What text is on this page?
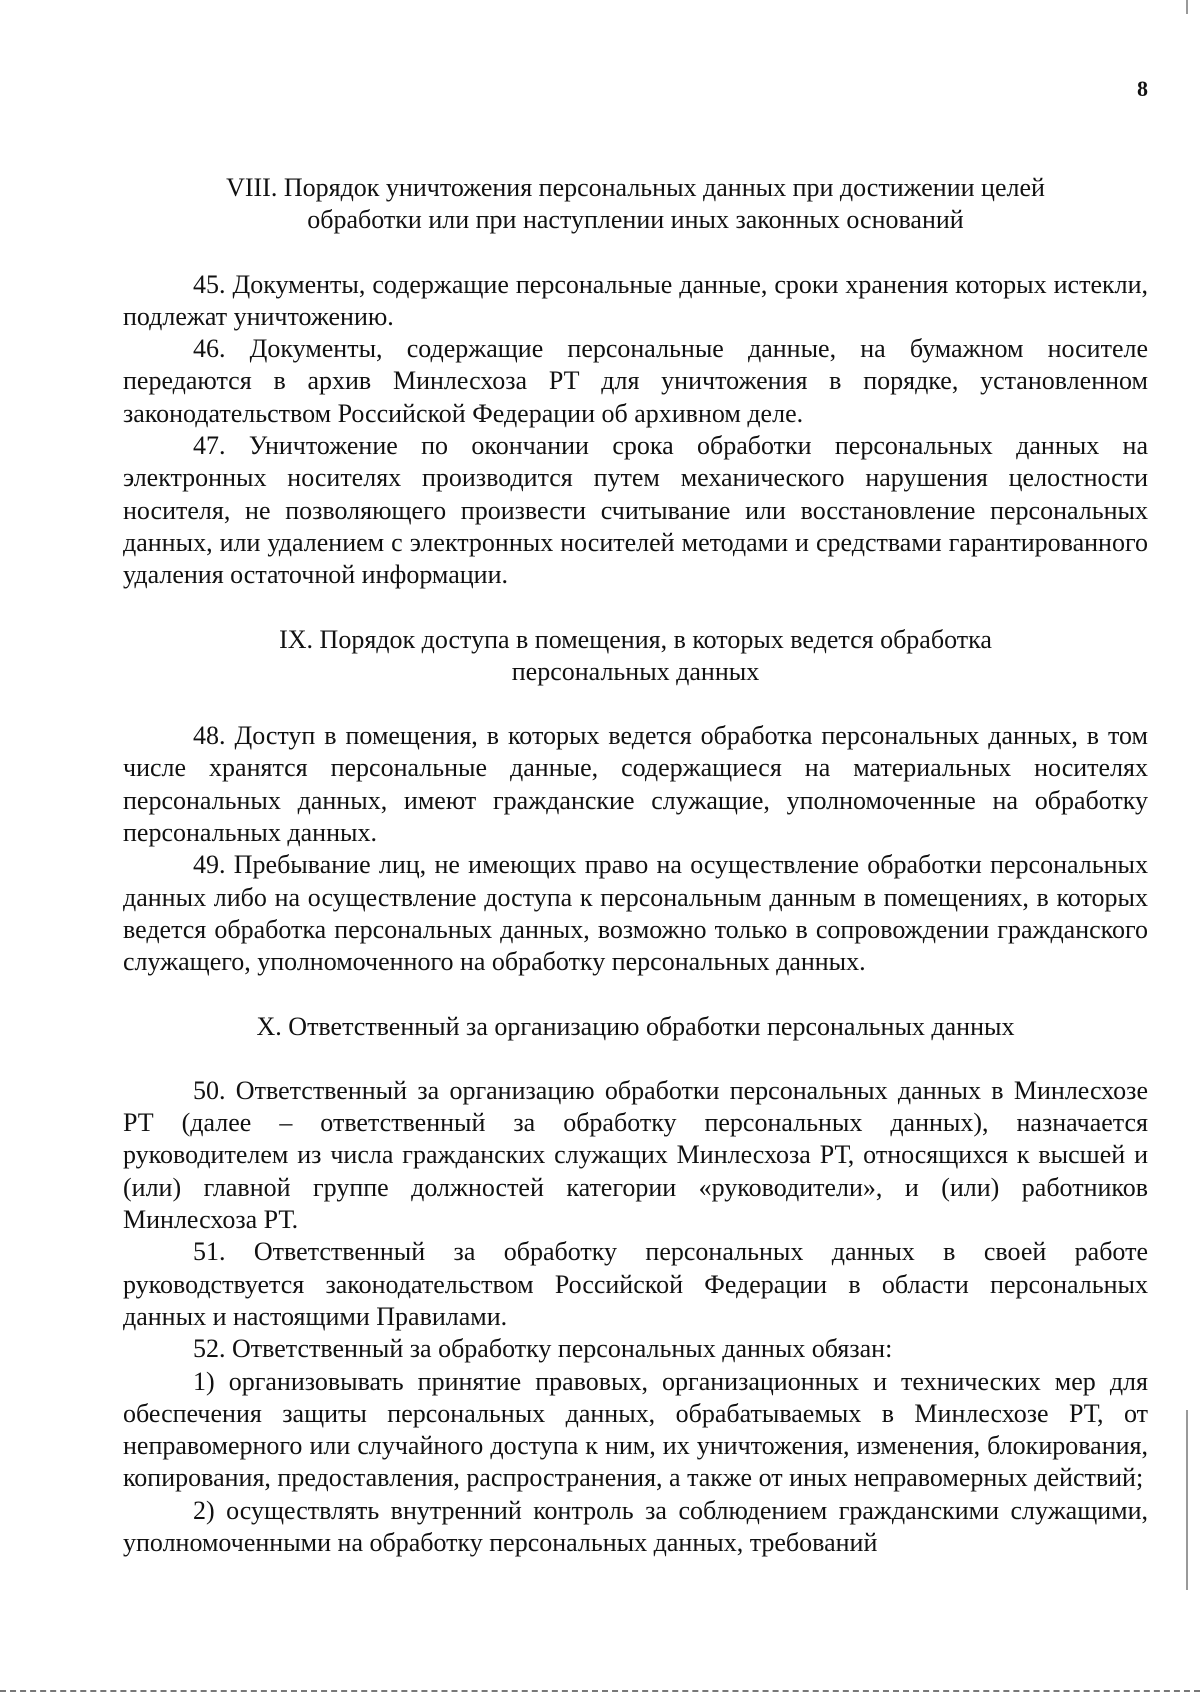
8
VIII. Порядок уничтожения персональных данных при достижении целей
обработки или при наступлении иных законных оснований

45. Документы, содержащие персональные данные, сроки хранения которых истекли, подлежат уничтожению.

46. Документы, содержащие персональные данные, на бумажном носителе передаются в архив Минлесхоза РТ для уничтожения в порядке, установленном законодательством Российской Федерации об архивном деле.

47. Уничтожение по окончании срока обработки персональных данных на электронных носителях производится путем механического нарушения целостности носителя, не позволяющего произвести считывание или восстановление персональных данных, или удалением с электронных носителей методами и средствами гарантированного удаления остаточной информации.

IX. Порядок доступа в помещения, в которых ведется обработка
персональных данных

48. Доступ в помещения, в которых ведется обработка персональных данных, в том числе хранятся персональные данные, содержащиеся на материальных носителях персональных данных, имеют гражданские служащие, уполномоченные на обработку персональных данных.

49. Пребывание лиц, не имеющих право на осуществление обработки персональных данных либо на осуществление доступа к персональным данным в помещениях, в которых ведется обработка персональных данных, возможно только в сопровождении гражданского служащего, уполномоченного на обработку персональных данных.

X. Ответственный за организацию обработки персональных данных

50. Ответственный за организацию обработки персональных данных в Минлесхозе РТ (далее – ответственный за обработку персональных данных), назначается руководителем из числа гражданских служащих Минлесхоза РТ, относящихся к высшей и (или) главной группе должностей категории «руководители», и (или) работников Минлесхоза РТ.

51. Ответственный за обработку персональных данных в своей работе руководствуется законодательством Российской Федерации в области персональных данных и настоящими Правилами.

52. Ответственный за обработку персональных данных обязан:

1) организовывать принятие правовых, организационных и технических мер для обеспечения защиты персональных данных, обрабатываемых в Минлесхозе РТ, от неправомерного или случайного доступа к ним, их уничтожения, изменения, блокирования, копирования, предоставления, распространения, а также от иных неправомерных действий;

2) осуществлять внутренний контроль за соблюдением гражданскими служащими, уполномоченными на обработку персональных данных, требований
